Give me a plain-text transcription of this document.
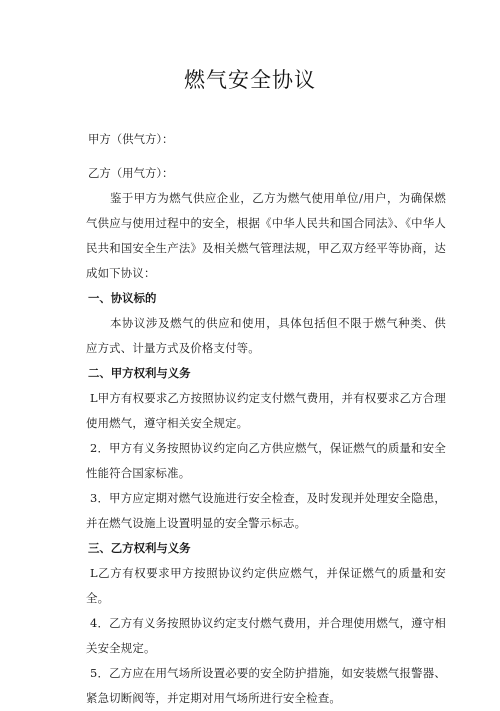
燃气安全协议

甲方（供气方）：

乙方（用气方）：

鉴于甲方为燃气供应企业，乙方为燃气使用单位/用户，为确保燃气供应与使用过程中的安全，根据《中华人民共和国合同法》、《中华人民共和国安全生产法》及相关燃气管理法规，甲乙双方经平等协商，达成如下协议：

一、协议标的

本协议涉及燃气的供应和使用，具体包括但不限于燃气种类、供应方式、计量方式及价格支付等。

二、甲方权利与义务

L甲方有权要求乙方按照协议约定支付燃气费用，并有权要求乙方合理使用燃气，遵守相关安全规定。

2．甲方有义务按照协议约定向乙方供应燃气，保证燃气的质量和安全性能符合国家标准。

3．甲方应定期对燃气设施进行安全检查，及时发现并处理安全隐患，并在燃气设施上设置明显的安全警示标志。

三、乙方权利与义务

L乙方有权要求甲方按照协议约定供应燃气，并保证燃气的质量和安全。

4．乙方有义务按照协议约定支付燃气费用，并合理使用燃气，遵守相关安全规定。

5．乙方应在用气场所设置必要的安全防护措施，如安装燃气报警器、紧急切断阀等，并定期对用气场所进行安全检查。
